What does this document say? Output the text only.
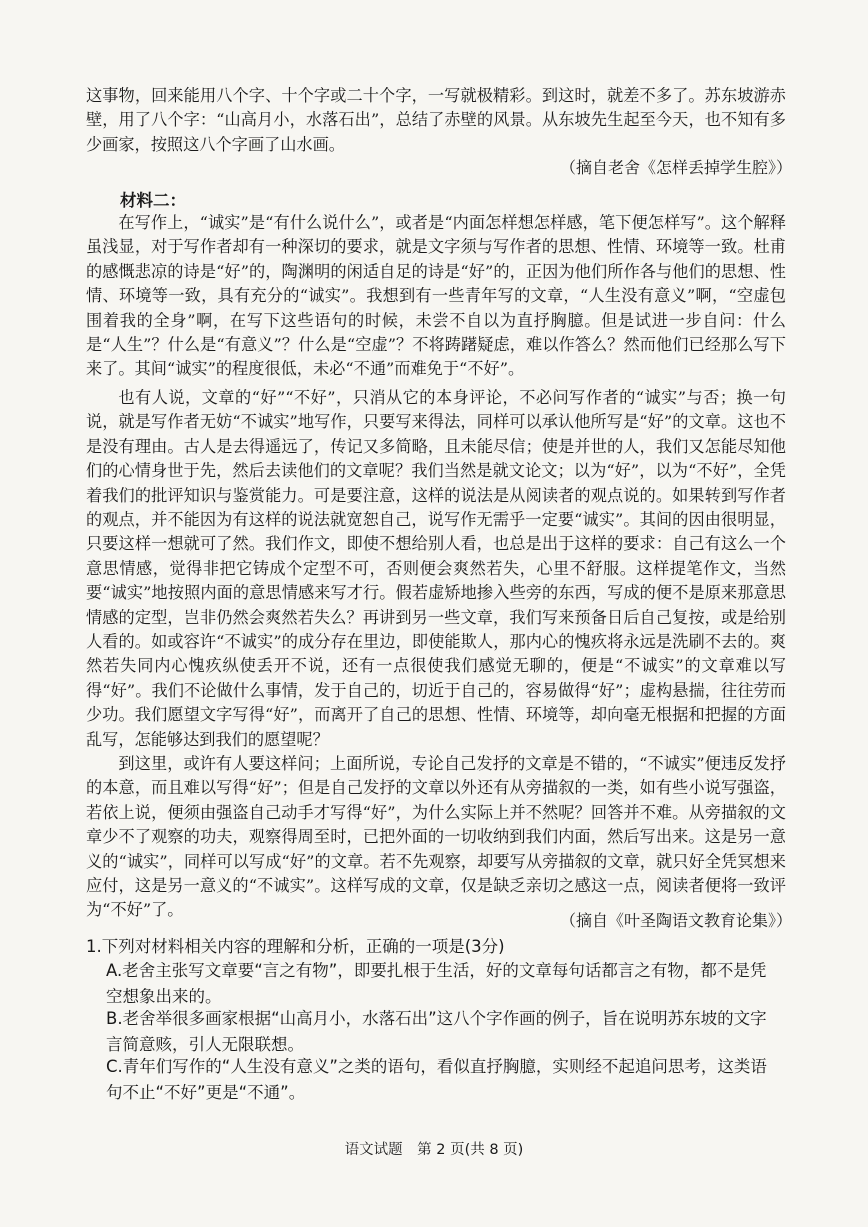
这事物，回来能用八个字、十个字或二十个字，一写就极精彩。到这时，就差不多了。苏东坡游赤壁，用了八个字：“山高月小，水落石出”，总结了赤壁的风景。从东坡先生起至今天，也不知有多少画家，按照这八个字画了山水画。

（摘自老舍《怎样丢掉学生腔》）

材料二：

在写作上，“诚实”是“有什么说什么”，或者是“内面怎样想怎样感，笔下便怎样写”。这个解释虽浅显，对于写作者却有一种深切的要求，就是文字须与写作者的思想、性情、环境等一致。杜甫的感慨悲凉的诗是“好”的，陶渊明的闲适自足的诗是“好”的，正因为他们所作各与他们的思想、性情、环境等一致，具有充分的“诚实”。我想到有一些青年写的文章，“人生没有意义”啊，“空虚包围着我的全身”啊，在写下这些语句的时候，未尝不自以为直抒胸臆。但是试进一步自问：什么是“人生”？什么是“有意义”？什么是“空虚”？不将踌躇疑虑，难以作答么？然而他们已经那么写下来了。其间“诚实”的程度很低，未必“不通”而难免于“不好”。

也有人说，文章的“好”“不好”，只消从它的本身评论，不必问写作者的“诚实”与否；换一句说，就是写作者无妨“不诚实”地写作，只要写来得法，同样可以承认他所写是“好”的文章。这也不是没有理由。古人是去得遥远了，传记又多简略，且未能尽信；使是并世的人，我们又怎能尽知他们的心情身世于先，然后去读他们的文章呢？我们当然是就文论文；以为“好”，以为“不好”，全凭着我们的批评知识与鉴赏能力。可是要注意，这样的说法是从阅读者的观点说的。如果转到写作者的观点，并不能因为有这样的说法就宽恕自己，说写作无需乎一定要“诚实”。其间的因由很明显，只要这样一想就可了然。我们作文，即使不想给别人看，也总是出于这样的要求：自己有这么一个意思情感，觉得非把它铸成个定型不可，否则便会爽然若失，心里不舒服。这样提笔作文，当然要“诚实”地按照内面的意思情感来写才行。假若虚矫地掺入些旁的东西，写成的便不是原来那意思情感的定型，岂非仍然会爽然若失么？再讲到另一些文章，我们写来预备日后自己复按，或是给别人看的。如或容许“不诚实”的成分存在里边，即使能欺人，那内心的愧疚将永远是洗刷不去的。爽然若失同内心愧疚纵使丢开不说，还有一点很使我们感觉无聊的，便是“不诚实”的文章难以写得“好”。我们不论做什么事情，发于自己的，切近于自己的，容易做得“好”；虚构悬揣，往往劳而少功。我们愿望文字写得“好”，而离开了自己的思想、性情、环境等，却向毫无根据和把握的方面乱写，怎能够达到我们的愿望呢？

到这里，或许有人要这样问；上面所说，专论自己发抒的文章是不错的，“不诚实”便违反发抒的本意，而且难以写得“好”；但是自己发抒的文章以外还有从旁描叙的一类，如有些小说写强盗，若依上说，便须由强盗自己动手才写得“好”，为什么实际上并不然呢？回答并不难。从旁描叙的文章少不了观察的功夫，观察得周至时，已把外面的一切收纳到我们内面，然后写出来。这是另一意义的“诚实”，同样可以写成“好”的文章。若不先观察，却要写从旁描叙的文章，就只好全凭冥想来应付，这是另一意义的“不诚实”。这样写成的文章，仅是缺乏亲切之感这一点，阅读者便将一致评为“不好”了。

（摘自《叶圣陶语文教育论集》）

1.下列对材料相关内容的理解和分析，正确的一项是(3分)

A.老舍主张写文章要“言之有物”，即要扎根于生活，好的文章每句话都言之有物，都不是凭空想象出来的。

B.老舍举很多画家根据“山高月小，水落石出”这八个字作画的例子，旨在说明苏东坡的文字言简意赅，引人无限联想。

C.青年们写作的“人生没有意义”之类的语句，看似直抒胸臆，实则经不起追问思考，这类语句不止“不好”更是“不通”。

语文试题　第 2 页(共 8 页)
